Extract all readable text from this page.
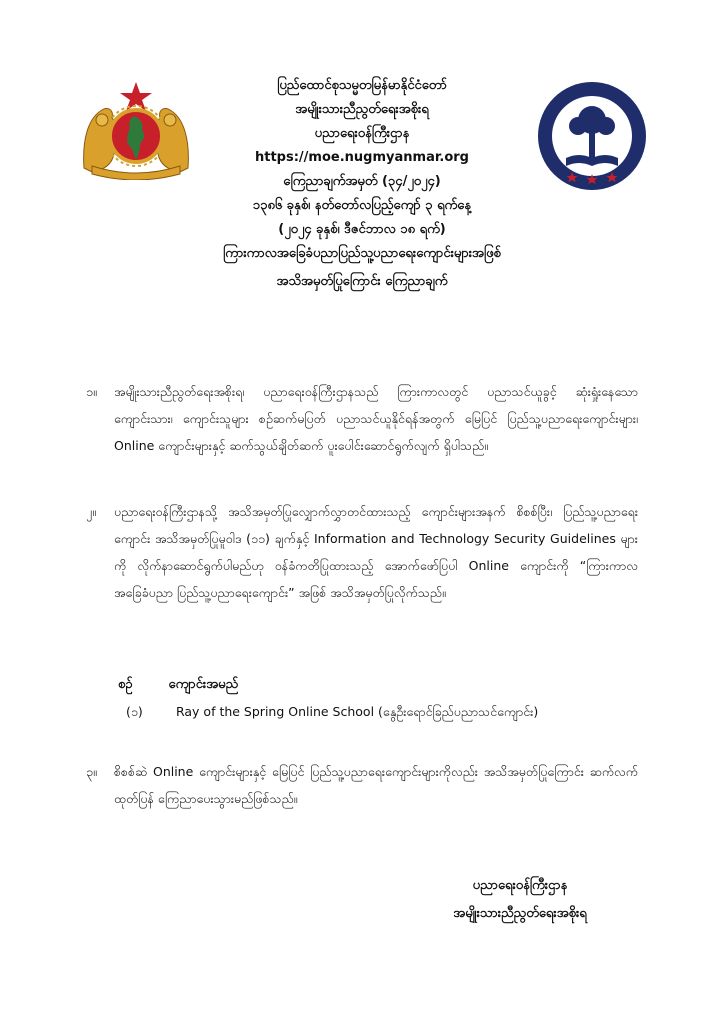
ပြည်ထောင်စုသမ္မတမြန်မာနိုင်ငံတော်
အမျိုးသားညီညွတ်ရေးအစိုးရ
ပညာရေးဝန်ကြီးဌာန
https://moe.nugmyanmar.org
ကြေညာချက်အမှတ် (၃၄/၂၀၂၄)
၁၃၈၆ ခုနှစ်၊ နတ်တော်လပြည့်ကျော် ၃ ရက်နေ့
(၂၀၂၄ ခုနှစ်၊ ဒီဇင်ဘာလ ၁၈ ရက်)
ကြားကာလအခြေခံပညာပြည်သူ့ပညာရေးကျောင်းများအဖြစ်
အသိအမှတ်ပြုကြောင်း ကြေညာချက်
၁။	အမျိုးသားညီညွတ်ရေးအစိုးရ၊ ပညာရေးဝန်ကြီးဌာနသည် ကြားကာလတွင် ပညာသင်ယူခွင့် ဆုံးရှုံးနေသော ကျောင်းသား၊ ကျောင်းသူများ စဉ်ဆက်မပြတ် ပညာသင်ယူနိုင်ရန်အတွက် မြေပြင် ပြည်သူ့ပညာရေးကျောင်းများ၊ Online ကျောင်းများနှင့် ဆက်သွယ်ချိတ်ဆက် ပူးပေါင်းဆောင်ရွက်လျက် ရှိပါသည်။
၂။	ပညာရေးဝန်ကြီးဌာနသို့ အသိအမှတ်ပြုလျှောက်လွှာတင်ထားသည့် ကျောင်းများအနက် စိစစ်ပြီး၊ ပြည်သူ့ပညာရေးကျောင်း အသိအမှတ်ပြုမူဝါဒ (၁၁) ချက်နှင့် Information and Technology Security Guidelines များကို လိုက်နာဆောင်ရွက်ပါမည်ဟု ဝန်ခံကတိပြုထားသည့် အောက်ဖော်ပြပါ Online ကျောင်းကို “ကြားကာလအခြေခံပညာ ပြည်သူ့ပညာရေးကျောင်း” အဖြစ် အသိအမှတ်ပြုလိုက်သည်။
စဉ်	ကျောင်းအမည်
(၁)	Ray of the Spring Online School (နွေဦးရောင်ခြည်ပညာသင်ကျောင်း)
၃။	စိစစ်ဆဲ Online ကျောင်းများနှင့် မြေပြင် ပြည်သူ့ပညာရေးကျောင်းများကိုလည်း အသိအမှတ်ပြုကြောင်း ဆက်လက်ထုတ်ပြန် ကြေညာပေးသွားမည်ဖြစ်သည်။
ပညာရေးဝန်ကြီးဌာန
အမျိုးသားညီညွတ်ရေးအစိုးရ
